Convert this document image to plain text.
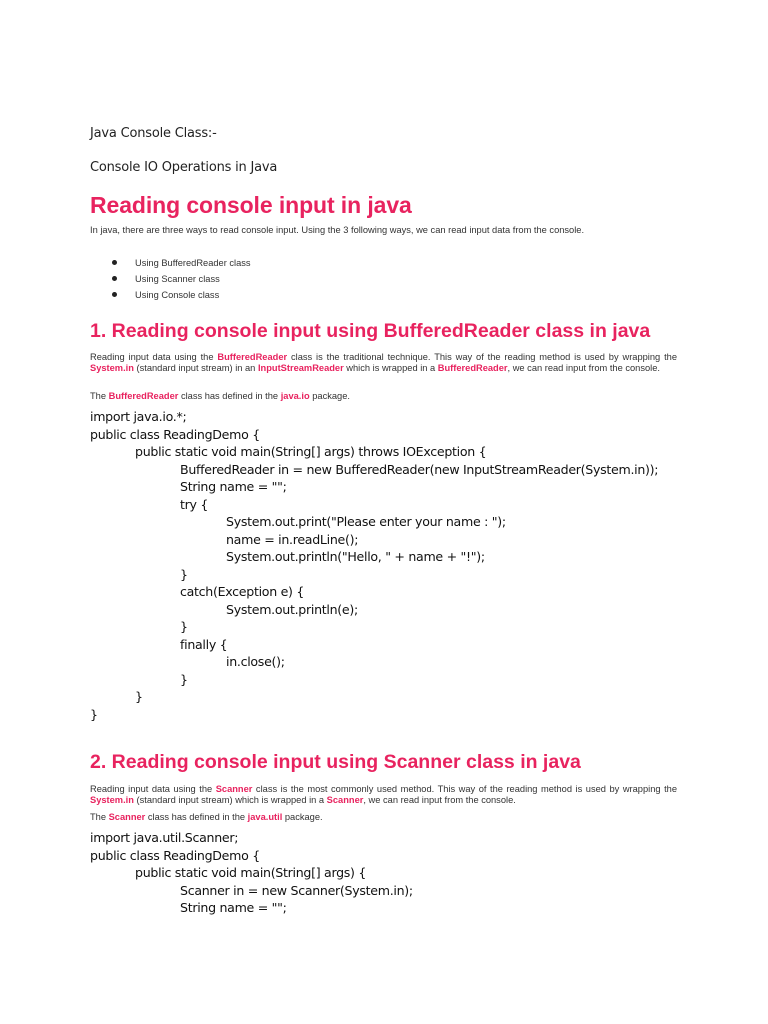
Java Console Class:-
Console IO Operations in Java
Reading console input in java
In java, there are three ways to read console input. Using the 3 following ways, we can read input data from the console.
Using BufferedReader class
Using Scanner class
Using Console class
1. Reading console input using BufferedReader class in java
Reading input data using the BufferedReader class is the traditional technique. This way of the reading method is used by wrapping the System.in (standard input stream) in an InputStreamReader which is wrapped in a BufferedReader, we can read input from the console.
The BufferedReader class has defined in the java.io package.
import java.io.*;
public class ReadingDemo {
public static void main(String[] args) throws IOException {
BufferedReader in = new BufferedReader(new InputStreamReader(System.in));
String name = "";
try {
System.out.print("Please enter your name : ");
name = in.readLine();
System.out.println("Hello, " + name + "!");
}
catch(Exception e) {
System.out.println(e);
}
finally {
in.close();
}
}
}
2. Reading console input using Scanner class in java
Reading input data using the Scanner class is the most commonly used method. This way of the reading method is used by wrapping the System.in (standard input stream) which is wrapped in a Scanner, we can read input from the console.
The Scanner class has defined in the java.util package.
import java.util.Scanner;
public class ReadingDemo {
public static void main(String[] args) {
Scanner in = new Scanner(System.in);
String name = "";
